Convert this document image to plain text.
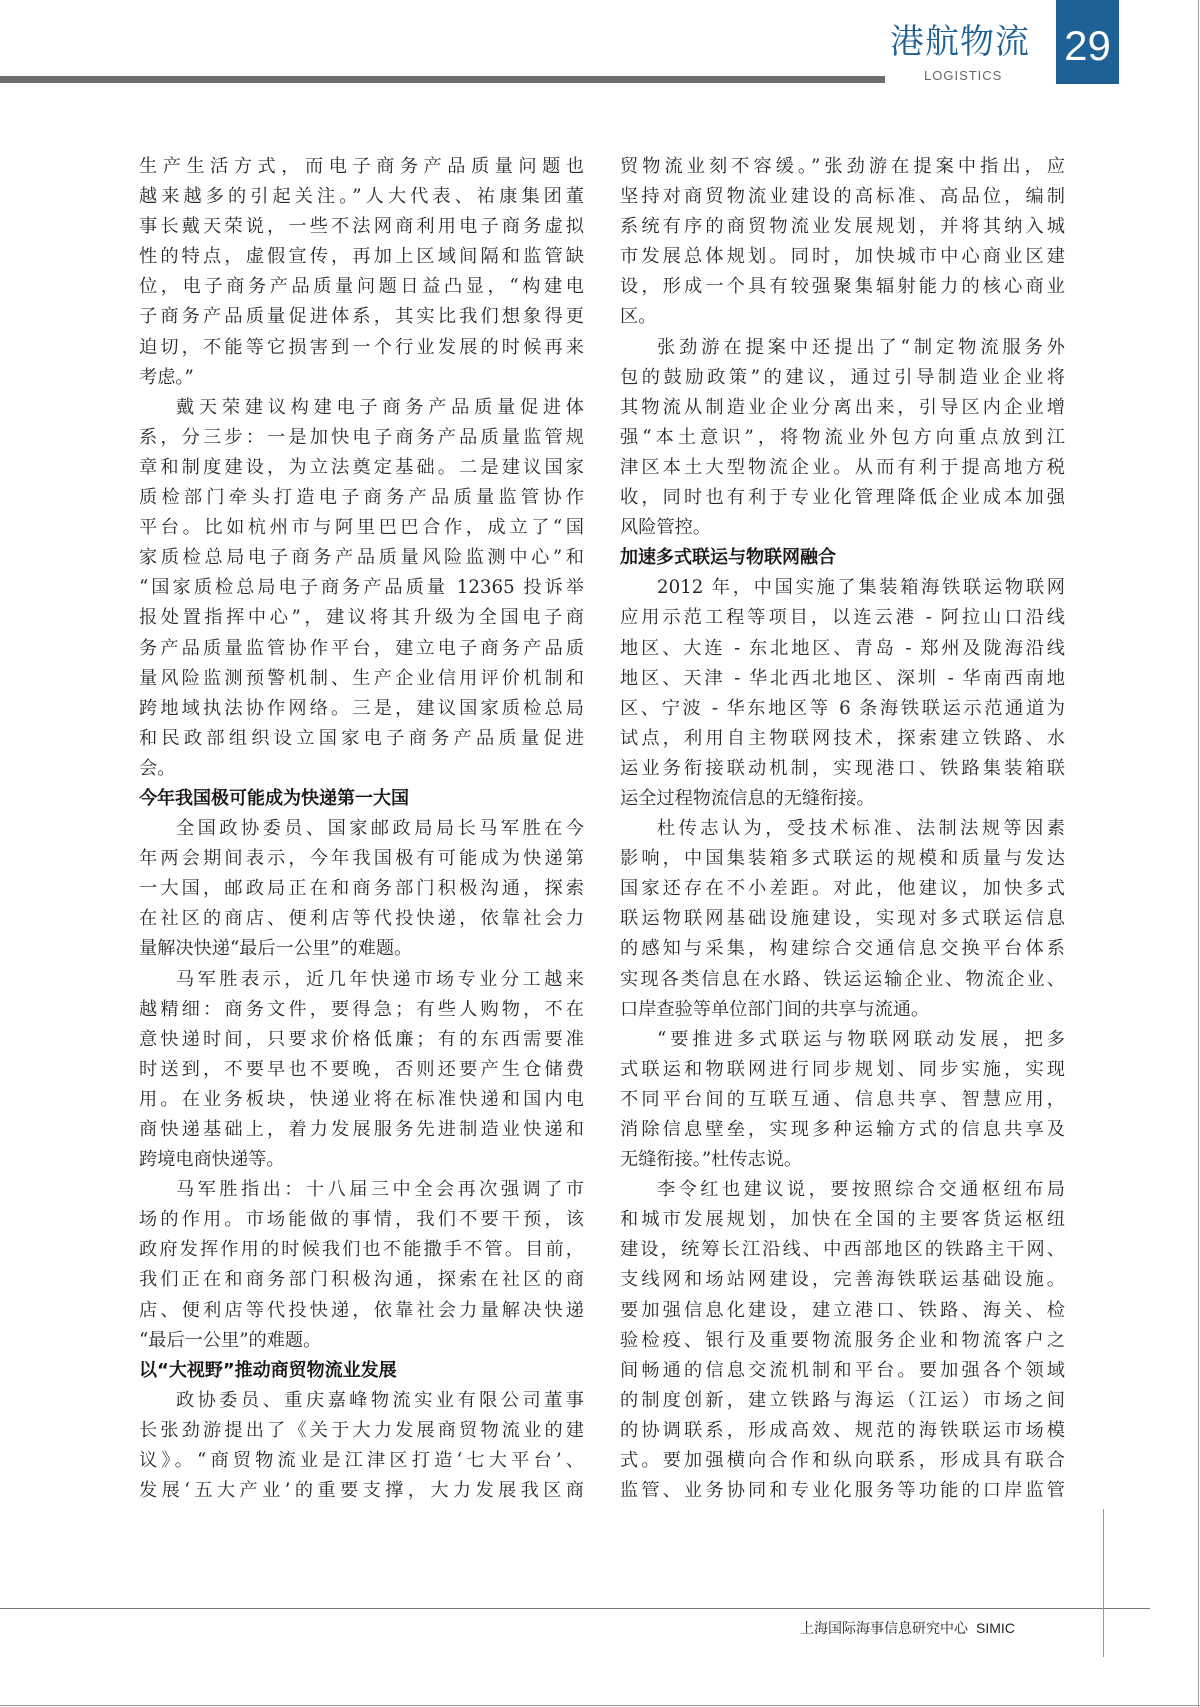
港航物流
LOGISTICS
29
生产生活方式，而电子商务产品质量问题也
越来越多的引起关注。”人大代表、祐康集团董
事长戴天荣说，一些不法网商利用电子商务虚拟
性的特点，虚假宣传，再加上区域间隔和监管缺
位，电子商务产品质量问题日益凸显，“构建电
子商务产品质量促进体系，其实比我们想象得更
迫切，不能等它损害到一个行业发展的时候再来
考虑。”
戴天荣建议构建电子商务产品质量促进体
系，分三步：一是加快电子商务产品质量监管规
章和制度建设，为立法奠定基础。二是建议国家
质检部门牵头打造电子商务产品质量监管协作
平台。比如杭州市与阿里巴巴合作，成立了“国
家质检总局电子商务产品质量风险监测中心”和
“国家质检总局电子商务产品质量 12365 投诉举
报处置指挥中心”，建议将其升级为全国电子商
务产品质量监管协作平台，建立电子商务产品质
量风险监测预警机制、生产企业信用评价机制和
跨地域执法协作网络。三是，建议国家质检总局
和民政部组织设立国家电子商务产品质量促进
会。
今年我国极可能成为快递第一大国
全国政协委员、国家邮政局局长马军胜在今
年两会期间表示，今年我国极有可能成为快递第
一大国，邮政局正在和商务部门积极沟通，探索
在社区的商店、便利店等代投快递，依靠社会力
量解决快递“最后一公里”的难题。
马军胜表示，近几年快递市场专业分工越来
越精细：商务文件，要得急；有些人购物，不在
意快递时间，只要求价格低廉；有的东西需要准
时送到，不要早也不要晚，否则还要产生仓储费
用。在业务板块，快递业将在标准快递和国内电
商快递基础上，着力发展服务先进制造业快递和
跨境电商快递等。
马军胜指出：十八届三中全会再次强调了市
场的作用。市场能做的事情，我们不要干预，该
政府发挥作用的时候我们也不能撒手不管。目前，
我们正在和商务部门积极沟通，探索在社区的商
店、便利店等代投快递，依靠社会力量解决快递
“最后一公里”的难题。
以“大视野”推动商贸物流业发展
政协委员、重庆嘉峰物流实业有限公司董事
长张劲游提出了《关于大力发展商贸物流业的建
议》。“商贸物流业是江津区打造‘七大平台’、
发展‘五大产业’的重要支撑，大力发展我区商
贸物流业刻不容缓。”张劲游在提案中指出，应
坚持对商贸物流业建设的高标准、高品位，编制
系统有序的商贸物流业发展规划，并将其纳入城
市发展总体规划。同时，加快城市中心商业区建
设，形成一个具有较强聚集辐射能力的核心商业
区。
张劲游在提案中还提出了“制定物流服务外
包的鼓励政策”的建议，通过引导制造业企业将
其物流从制造业企业分离出来，引导区内企业增
强“本土意识”，将物流业外包方向重点放到江
津区本土大型物流企业。从而有利于提高地方税
收，同时也有利于专业化管理降低企业成本加强
风险管控。
加速多式联运与物联网融合
2012 年，中国实施了集装箱海铁联运物联网
应用示范工程等项目，以连云港 - 阿拉山口沿线
地区、大连 - 东北地区、青岛 - 郑州及陇海沿线
地区、天津 - 华北西北地区、深圳 - 华南西南地
区、宁波 - 华东地区等 6 条海铁联运示范通道为
试点，利用自主物联网技术，探索建立铁路、水
运业务衔接联动机制，实现港口、铁路集装箱联
运全过程物流信息的无缝衔接。
杜传志认为，受技术标准、法制法规等因素
影响，中国集装箱多式联运的规模和质量与发达
国家还存在不小差距。对此，他建议，加快多式
联运物联网基础设施建设，实现对多式联运信息
的感知与采集，构建综合交通信息交换平台体系
实现各类信息在水路、铁运运输企业、物流企业、
口岸查验等单位部门间的共享与流通。
“要推进多式联运与物联网联动发展，把多
式联运和物联网进行同步规划、同步实施，实现
不同平台间的互联互通、信息共享、智慧应用，
消除信息壁垒，实现多种运输方式的信息共享及
无缝衔接。”杜传志说。
李令红也建议说，要按照综合交通枢纽布局
和城市发展规划，加快在全国的主要客货运枢纽
建设，统筹长江沿线、中西部地区的铁路主干网、
支线网和场站网建设，完善海铁联运基础设施。
要加强信息化建设，建立港口、铁路、海关、检
验检疫、银行及重要物流服务企业和物流客户之
间畅通的信息交流机制和平台。要加强各个领域
的制度创新，建立铁路与海运（江运）市场之间
的协调联系，形成高效、规范的海铁联运市场模
式。要加强横向合作和纵向联系，形成具有联合
监管、业务协同和专业化服务等功能的口岸监管
上海国际海事信息研究中心 SIMIC
